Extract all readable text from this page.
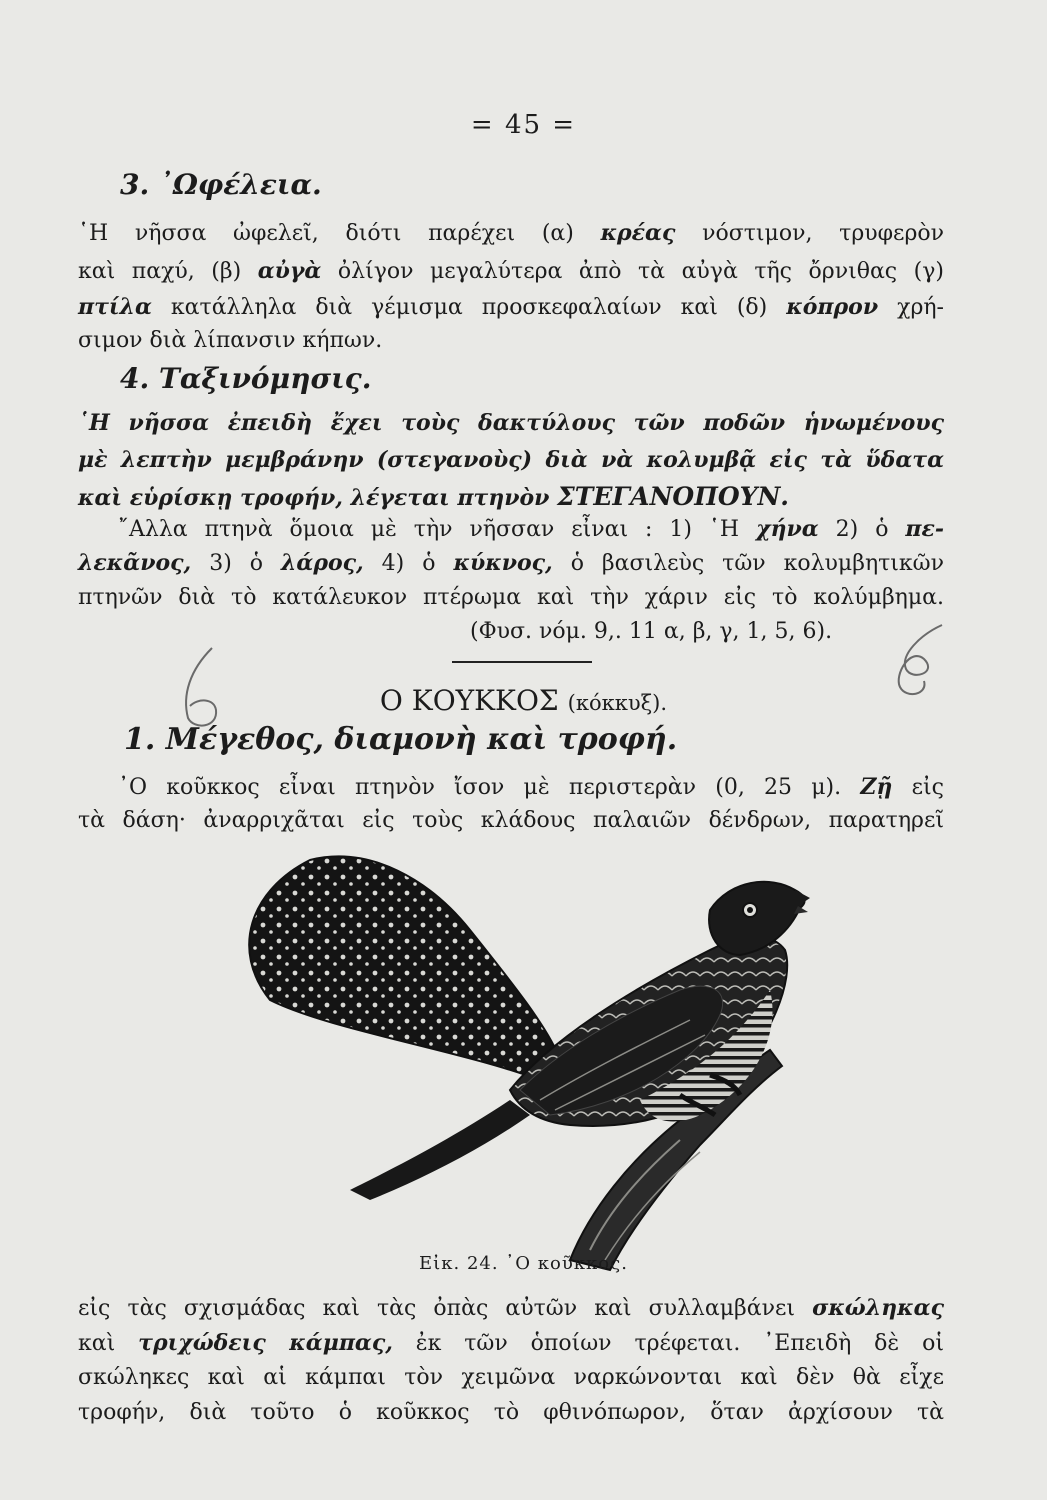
= 45 =
3. ᾿Ωφέλεια.
῾Η νῆσσα ὠφελεῖ, διότι παρέχει (α) κρέας νόστιμον, τρυφερὸν
καὶ παχύ, (β) αὐγὰ ὀλίγον μεγαλύτερα ἀπὸ τὰ αὐγὰ τῆς ὄρνιθας (γ)
πτίλα κατάλληλα διὰ γέμισμα προσκεφαλαίων καὶ (δ) κόπρον χρή-
σιμον διὰ λίπανσιν κήπων.
4. Ταξινόμησις.
῾Η νῆσσα ἐπειδὴ ἔχει τοὺς δακτύλους τῶν ποδῶν ἡνωμένους
μὲ λεπτὴν μεμβράνην (στεγανοὺς) διὰ νὰ κολυμβᾷ εἰς τὰ ὕδατα
καὶ εὑρίσκῃ τροφήν, λέγεται πτηνὸν ΣΤΕΓΑΝΟΠΟΥΝ.
῎Αλλα πτηνὰ ὅμοια μὲ τὴν νῆσσαν εἶναι : 1) ῾Η χήνα 2) ὁ πε-
λεκᾶνος, 3) ὁ λάρος, 4) ὁ κύκνος, ὁ βασιλεὺς τῶν κολυμβητικῶν
πτηνῶν διὰ τὸ κατάλευκον πτέρωμα καὶ τὴν χάριν εἰς τὸ κολύμβημα.
(Φυσ. νόμ. 9,. 11 α, β, γ, 1, 5, 6).
6
8
Ο ΚΟΥΚΚΟΣ (κόκκυξ).
1. Μέγεθος, διαμονὴ καὶ τροφή.
᾿Ο κοῦκκος εἶναι πτηνὸν ἴσον μὲ περιστερὰν (0, 25 μ). Ζῇ εἰς
τὰ δάση· ἀναρριχᾶται εἰς τοὺς κλάδους παλαιῶν δένδρων, παρατηρεῖ
Εἰκ. 24. ᾿Ο κοῦκκος.
εἰς τὰς σχισμάδας καὶ τὰς ὀπὰς αὐτῶν καὶ συλλαμβάνει σκώληκας
καὶ τριχώδεις κάμπας, ἐκ τῶν ὁποίων τρέφεται. ᾿Επειδὴ δὲ οἱ
σκώληκες καὶ αἱ κάμπαι τὸν χειμῶνα ναρκώνονται καὶ δὲν θὰ εἶχε
τροφήν, διὰ τοῦτο ὁ κοῦκκος τὸ φθινόπωρον, ὅταν ἀρχίσουν τὰ
